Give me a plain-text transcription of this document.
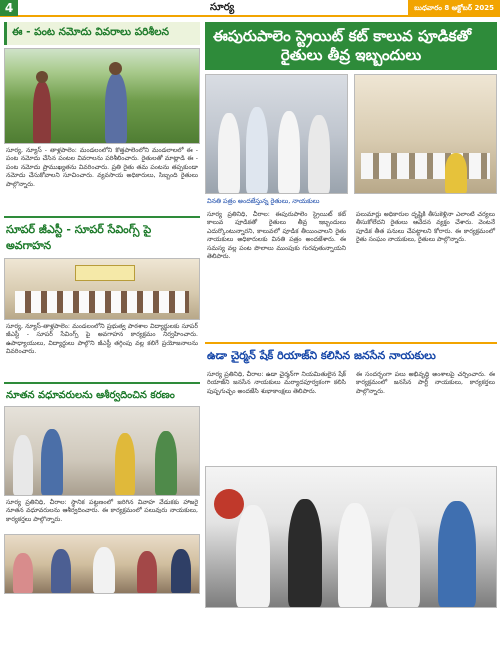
4	సూర్య	బుధవారం 8 అక్టోబర్ 2025
ఈ - పంట నమోదు వివరాలు పరిశీలన
సూర్య, న్యూస్ - తాళ్లపాలెం: మండలంలోని కొత్తపాలెంలోని మండలాలలో ఈ - పంట నమోదు చేసిన పంటల వివరాలను పరిశీలించారు. రైతులతో మాట్లాడి ఈ - పంట నమోదు ప్రాముఖ్యతను వివరించారు. ప్రతి రైతు తమ పంటను తప్పకుండా నమోదు చేసుకోవాలని సూచించారు. వ్యవసాయ అధికారులు, సిబ్బంది రైతులు పాల్గొన్నారు.
సూపర్ జీఎస్టీ - సూపర్ సేవింగ్స్ పై అవగాహన
సూర్య, న్యూస్-తాళ్లపాలెం: మండలంలోని ప్రభుత్వ పాఠశాల విద్యార్థులకు సూపర్ జీఎస్టీ - సూపర్ సేవింగ్స్ పై అవగాహన కార్యక్రమం నిర్వహించారు. ఉపాధ్యాయులు, విద్యార్థులు పాల్గొని జీఎస్టీ తగ్గింపు వల్ల కలిగే ప్రయోజనాలను వివరించారు.
నూతన వధూవరులను ఆశీర్వదించిన కరణం
సూర్య ప్రతినిధి, చీరాల: స్థానిక పట్టణంలో జరిగిన వివాహ వేడుకకు హాజరై నూతన వధూవరులను ఆశీర్వదించారు. ఈ కార్యక్రమంలో పలువురు నాయకులు, కార్యకర్తలు పాల్గొన్నారు.
ఈపురుపాలెం స్ట్రెయిట్ కట్ కాలువ పూడికతో
రైతులు తీవ్ర ఇబ్బందులు
వినతి పత్రం అందజేస్తున్న రైతులు, నాయకులు
సూర్య ప్రతినిధి, చీరాల: ఈపురుపాలెం స్ట్రెయిట్ కట్ కాలువ పూడికతో రైతులు తీవ్ర ఇబ్బందులు ఎదుర్కొంటున్నారని, కాలువలో పూడిక తీయించాలని రైతు నాయకులు అధికారులకు వినతి పత్రం అందజేశారు. ఈ సమస్య వల్ల పంట పొలాలు ముంపుకు గురవుతున్నాయని తెలిపారు.
పలుమార్లు అధికారుల దృష్టికి తీసుకెళ్లినా ఎలాంటి చర్యలు తీసుకోలేదని రైతులు ఆవేదన వ్యక్తం చేశారు. వెంటనే పూడిక తీత పనులు చేపట్టాలని కోరారు. ఈ కార్యక్రమంలో రైతు సంఘం నాయకులు, రైతులు పాల్గొన్నారు.
ఉడా చైర్మన్ షేక్ రియాజ్‌ని కలిసిన జనసేన నాయకులు
సూర్య ప్రతినిధి, చీరాల: ఉడా చైర్మన్‌గా నియమితులైన షేక్ రియాజ్‌ని జనసేన నాయకులు మర్యాదపూర్వకంగా కలిసి పుష్పగుచ్ఛం అందజేసి శుభాకాంక్షలు తెలిపారు.
ఈ సందర్భంగా పలు అభివృద్ధి అంశాలపై చర్చించారు. ఈ కార్యక్రమంలో జనసేన పార్టీ నాయకులు, కార్యకర్తలు పాల్గొన్నారు.
